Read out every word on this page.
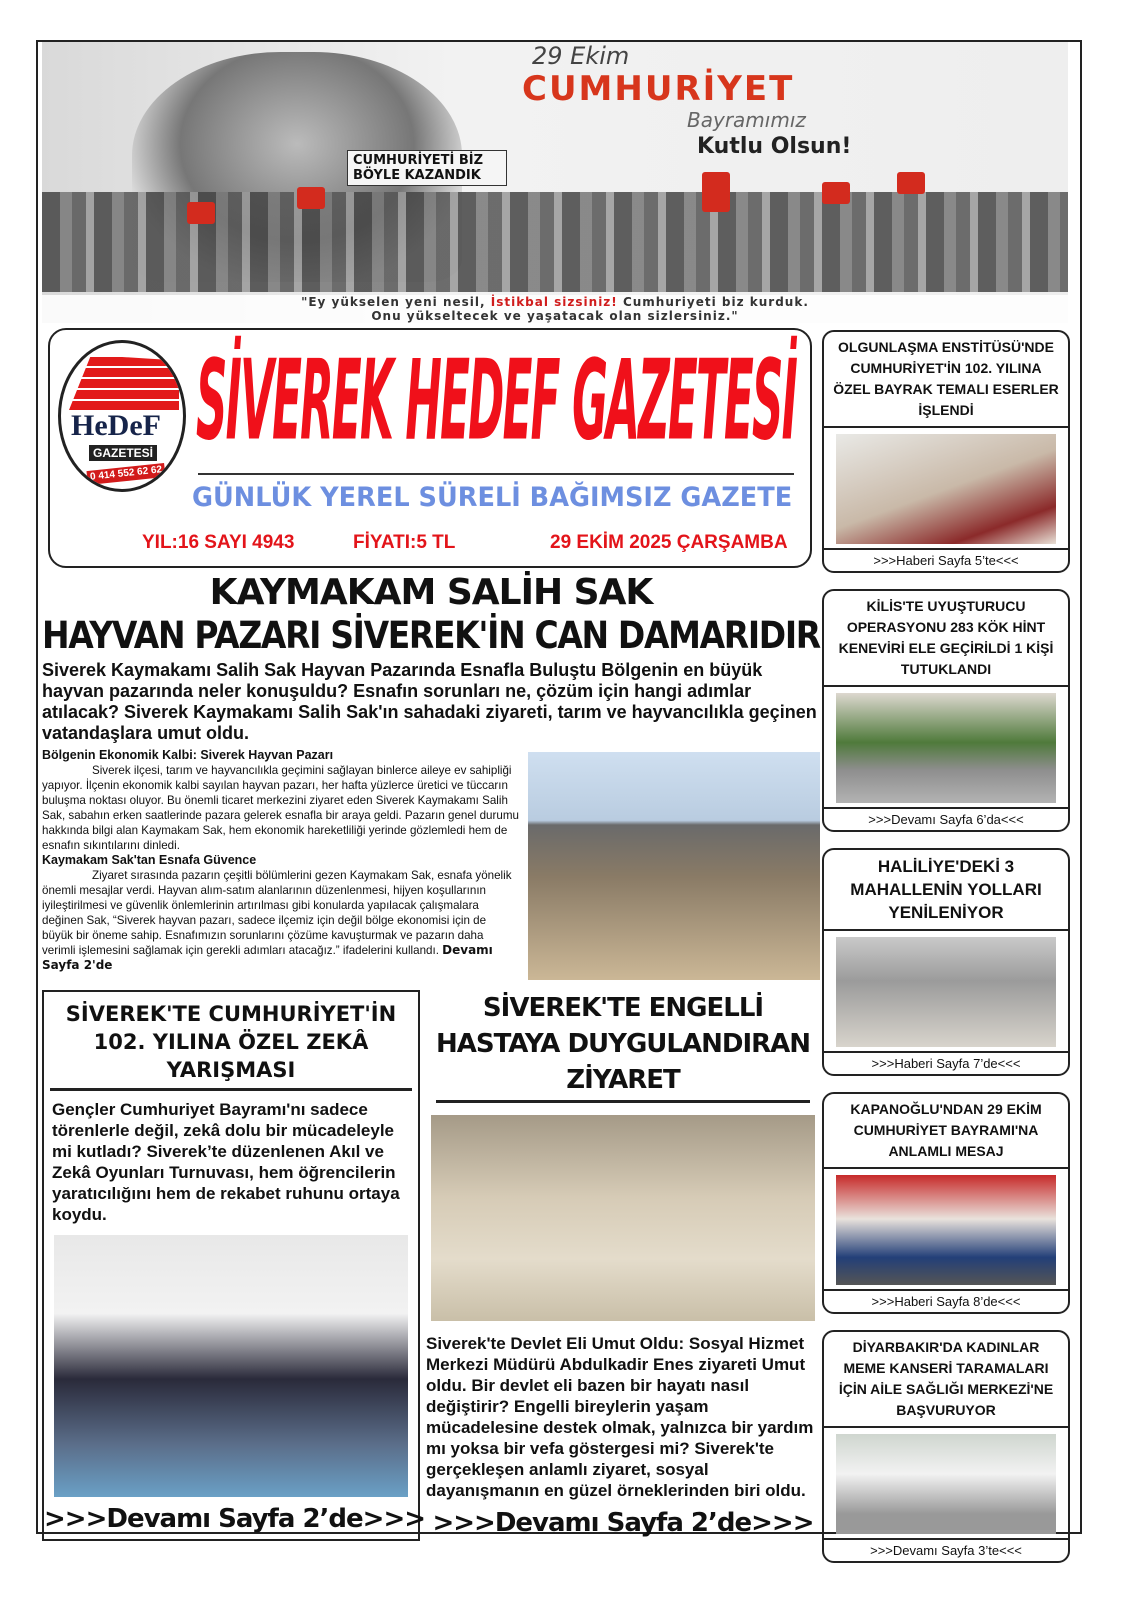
CUMHURİYETİ BİZ BÖYLE KAZANDIK
29 Ekim
CUMHURİYET
Bayramımız
Kutlu Olsun!
"Ey yükselen yeni nesil, İstikbal sizsiniz! Cumhuriyeti biz kurduk.
Onu yükseltecek ve yaşatacak olan sizlersiniz."
HeDeF
GAZETESİ
0 414 552 62 62
SİVEREK HEDEF GAZETESİ
GÜNLÜK YEREL SÜRELİ BAĞIMSIZ GAZETE
YIL:16 SAYI 4943	FİYATI:5 TL	29 EKİM 2025 ÇARŞAMBA
KAYMAKAM SALİH SAK
HAYVAN PAZARI SİVEREK'İN CAN DAMARIDIR
Siverek Kaymakamı Salih Sak Hayvan Pazarında Esnafla Buluştu Bölgenin en büyük hayvan pazarında neler konuşuldu? Esnafın sorunları ne, çözüm için hangi adımlar atılacak? Siverek Kaymakamı Salih Sak'ın sahadaki ziyareti, tarım ve hayvancılıkla geçinen vatandaşlara umut oldu.
Bölgenin Ekonomik Kalbi: Siverek Hayvan Pazarı

Siverek ilçesi, tarım ve hayvancılıkla geçimini sağlayan binlerce aileye ev sahipliği yapıyor. İlçenin ekonomik kalbi sayılan hayvan pazarı, her hafta yüzlerce üretici ve tüccarın buluşma noktası oluyor. Bu önemli ticaret merkezini ziyaret eden Siverek Kaymakamı Salih Sak, sabahın erken saatlerinde pazara gelerek esnafla bir araya geldi. Pazarın genel durumu hakkında bilgi alan Kaymakam Sak, hem ekonomik hareketliliği yerinde gözlemledi hem de esnafın sıkıntılarını dinledi.

Kaymakam Sak'tan Esnafa Güvence

Ziyaret sırasında pazarın çeşitli bölümlerini gezen Kaymakam Sak, esnafa yönelik önemli mesajlar verdi. Hayvan alım-satım alanlarının düzenlenmesi, hijyen koşullarının iyileştirilmesi ve güvenlik önlemlerinin artırılması gibi konularda yapılacak çalışmalara değinen Sak, “Siverek hayvan pazarı, sadece ilçemiz için değil bölge ekonomisi için de büyük bir öneme sahip. Esnafımızın sorunlarını çözüme kavuşturmak ve pazarın daha verimli işlemesini sağlamak için gerekli adımları atacağız.” ifadelerini kullandı. Devamı Sayfa 2'de

SİVEREK'TE CUMHURİYET'İN 102. YILINA ÖZEL ZEKÂ YARIŞMASI
Gençler Cumhuriyet Bayramı'nı sadece törenlerle değil, zekâ dolu bir mücadeleyle mi kutladı? Siverek’te düzenlenen Akıl ve Zekâ Oyunları Turnuvası, hem öğrencilerin yaratıcılığını hem de rekabet ruhunu ortaya koydu.
>>>Devamı Sayfa 2’de>>>
SİVEREK'TE ENGELLİ HASTAYA DUYGULANDIRAN ZİYARET
Siverek'te Devlet Eli Umut Oldu: Sosyal Hizmet Merkezi Müdürü Abdulkadir Enes ziyareti Umut oldu. Bir devlet eli bazen bir hayatı nasıl değiştirir? Engelli bireylerin yaşam mücadelesine destek olmak, yalnızca bir yardım mı yoksa bir vefa göstergesi mi? Siverek'te gerçekleşen anlamlı ziyaret, sosyal dayanışmanın en güzel örneklerinden biri oldu.
>>>Devamı Sayfa 2’de>>>
OLGUNLAŞMA ENSTİTÜSÜ'NDE CUMHURİYET'İN 102. YILINA ÖZEL BAYRAK TEMALI ESERLER İŞLENDİ
>>>Haberi Sayfa 5’te<<<
KİLİS'TE UYUŞTURUCU OPERASYONU 283 KÖK HİNT KENEVİRİ ELE GEÇİRİLDİ 1 KİŞİ TUTUKLANDI
>>>Devamı Sayfa 6’da<<<
HALİLİYE'DEKİ 3 MAHALLENİN YOLLARI YENİLENİYOR
>>>Haberi Sayfa 7’de<<<
KAPANOĞLU'NDAN 29 EKİM CUMHURİYET BAYRAMI'NA ANLAMLI MESAJ
>>>Haberi Sayfa 8’de<<<
DİYARBAKIR'DA KADINLAR MEME KANSERİ TARAMALARI İÇİN AİLE SAĞLIĞI MERKEZİ'NE BAŞVURUYOR
>>>Devamı Sayfa 3’te<<<
